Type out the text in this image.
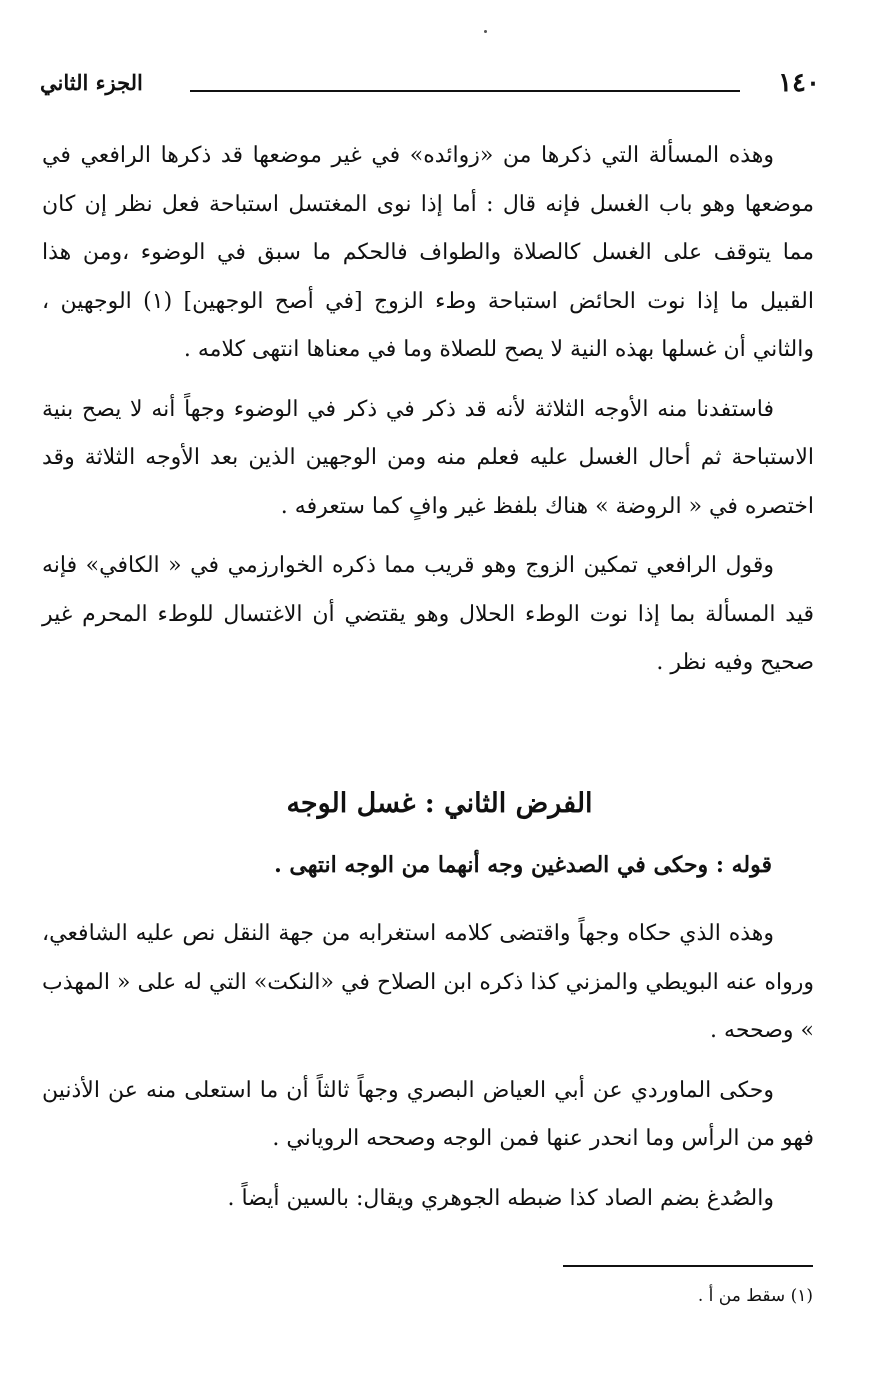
١٤٠
الجزء الثاني

وهذه المسألة التي ذكرها من «زوائده» في غير موضعها قد ذكرها الرافعي في موضعها وهو باب الغسل فإنه قال : أما إذا نوى المغتسل استباحة فعل نظر إن كان مما يتوقف على الغسل كالصلاة والطواف فالحكم ما سبق في الوضوء ،ومن هذا القبيل ما إذا نوت الحائض استباحة وطء الزوج [في أصح الوجهين] (١) الوجهين ، والثاني أن غسلها بهذه النية لا يصح للصلاة وما في معناها انتهى كلامه .

فاستفدنا منه الأوجه الثلاثة لأنه قد ذكر في ذكر في الوضوء وجهاً أنه لا يصح بنية الاستباحة ثم أحال الغسل عليه فعلم منه ومن الوجهين الذين بعد الأوجه الثلاثة وقد اختصره في « الروضة » هناك بلفظ غير وافٍ كما ستعرفه .

وقول الرافعي تمكين الزوج وهو قريب مما ذكره الخوارزمي في « الكافي» فإنه قيد المسألة بما إذا نوت الوطء الحلال وهو يقتضي أن الاغتسال للوطء المحرم غير صحيح وفيه نظر .

الفرض الثاني : غسل الوجه
قوله : وحكى في الصدغين وجه أنهما من الوجه انتهى .

وهذه الذي حكاه وجهاً واقتضى كلامه استغرابه من جهة النقل نص عليه الشافعي، ورواه عنه البويطي والمزني كذا ذكره ابن الصلاح في «النكت» التي له على « المهذب » وصححه .

وحكى الماوردي عن أبي العياض البصري وجهاً ثالثاً أن ما استعلى منه عن الأذنين فهو من الرأس وما انحدر عنها فمن الوجه وصححه الروياني .

والصُدغ بضم الصاد كذا ضبطه الجوهري ويقال: بالسين أيضاً .

(١) سقط من أ .
